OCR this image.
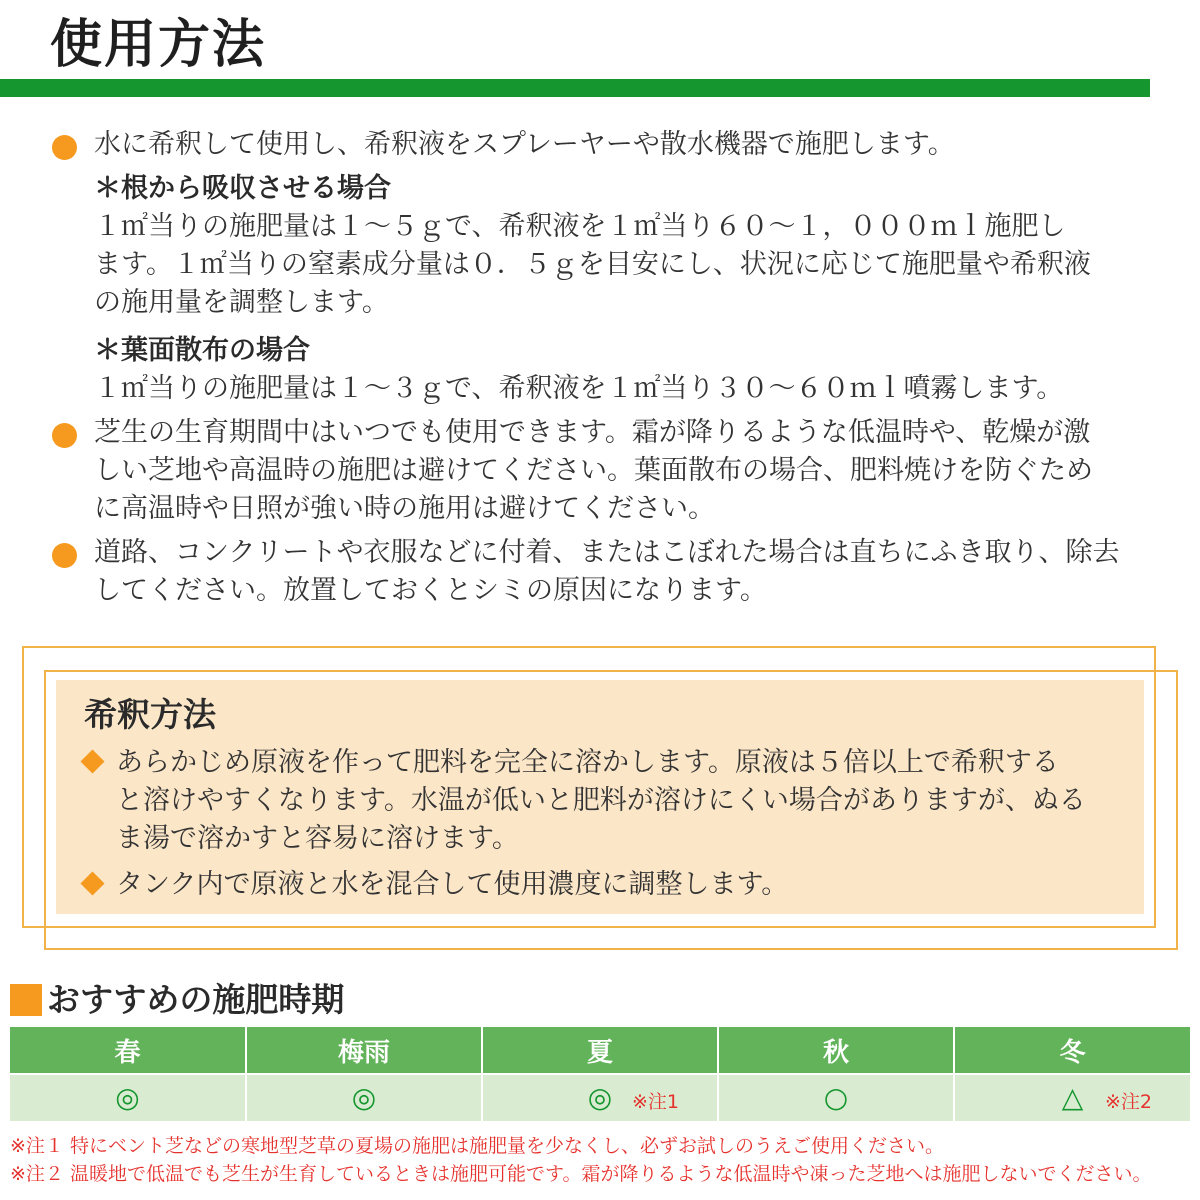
使用方法
水に希釈して使用し、希釈液をスプレーヤーや散水機器で施肥します。
＊根から吸収させる場合
１㎡当りの施肥量は１～５ｇで、希釈液を１㎡当り６０～１，０００ｍｌ施肥し
ます。１㎡当りの窒素成分量は０．５ｇを目安にし、状況に応じて施肥量や希釈液
の施用量を調整します。
＊葉面散布の場合
１㎡当りの施肥量は１～３ｇで、希釈液を１㎡当り３０～６０ｍｌ噴霧します。
芝生の生育期間中はいつでも使用できます。霜が降りるような低温時や、乾燥が激
しい芝地や高温時の施肥は避けてください。葉面散布の場合、肥料焼けを防ぐため
に高温時や日照が強い時の施用は避けてください。
道路、コンクリートや衣服などに付着、またはこぼれた場合は直ちにふき取り、除去
してください。放置しておくとシミの原因になります。
希釈方法
あらかじめ原液を作って肥料を完全に溶かします。原液は５倍以上で希釈する
と溶けやすくなります。水温が低いと肥料が溶けにくい場合がありますが、ぬる
ま湯で溶かすと容易に溶けます。
タンク内で原液と水を混合して使用濃度に調整します。
おすすめの施肥時期
春	梅雨	夏	秋	冬
◎	◎	◎ ※注1	○	△ ※注2
※注１ 特にベント芝などの寒地型芝草の夏場の施肥は施肥量を少なくし、必ずお試しのうえご使用ください。
※注２ 温暖地で低温でも芝生が生育しているときは施肥可能です。霜が降りるような低温時や凍った芝地へは施肥しないでください。
